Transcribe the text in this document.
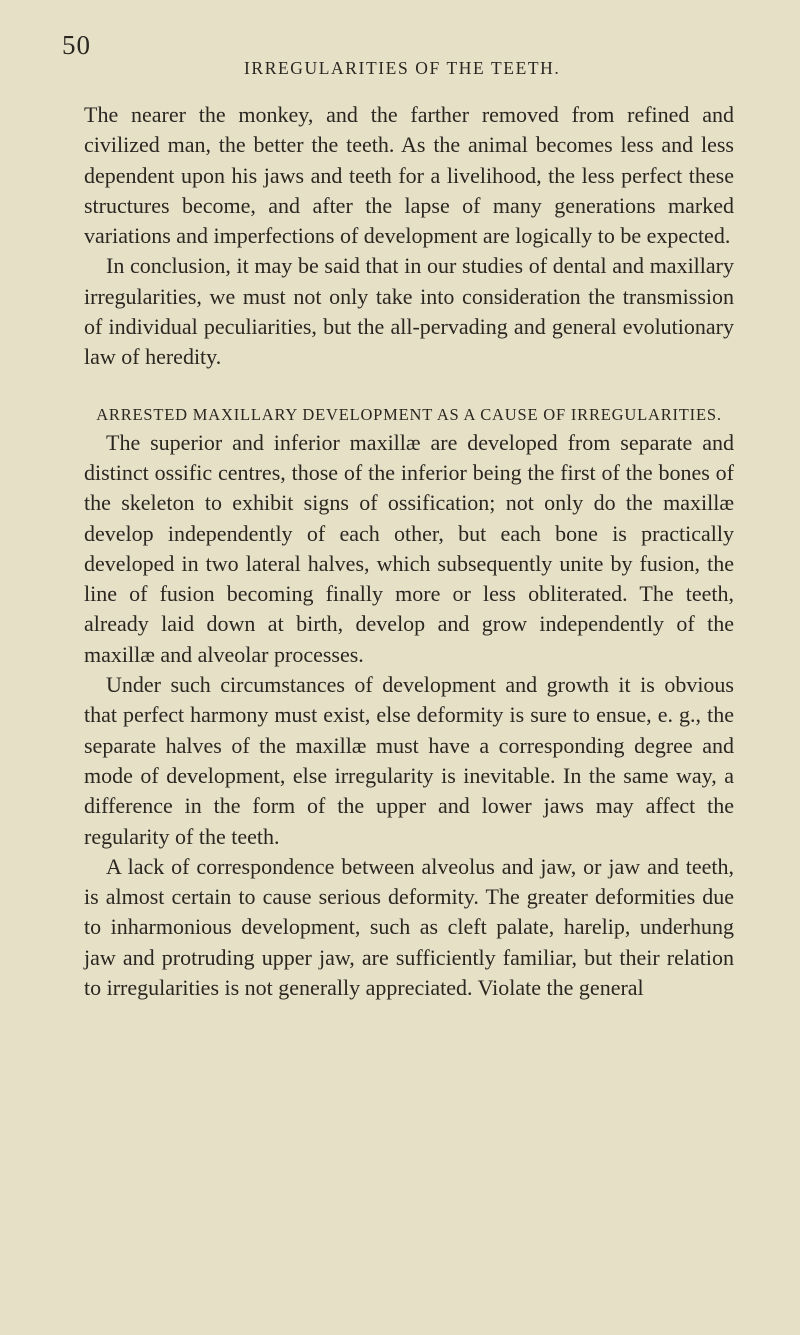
50
IRREGULARITIES OF THE TEETH.

The nearer the monkey, and the farther removed from refined and civilized man, the better the teeth. As the animal becomes less and less dependent upon his jaws and teeth for a livelihood, the less perfect these structures become, and after the lapse of many generations marked variations and imperfections of development are logically to be expected.

In conclusion, it may be said that in our studies of dental and maxillary irregularities, we must not only take into consideration the transmission of individual peculiarities, but the all-pervading and general evolutionary law of heredity.

ARRESTED MAXILLARY DEVELOPMENT AS A CAUSE OF IRREGULARITIES.

The superior and inferior maxillæ are developed from separate and distinct ossific centres, those of the inferior being the first of the bones of the skeleton to exhibit signs of ossification; not only do the maxillæ develop independently of each other, but each bone is practically developed in two lateral halves, which subsequently unite by fusion, the line of fusion becoming finally more or less obliterated. The teeth, already laid down at birth, develop and grow independently of the maxillæ and alveolar processes.

Under such circumstances of development and growth it is obvious that perfect harmony must exist, else deformity is sure to ensue, e. g., the separate halves of the maxillæ must have a corresponding degree and mode of development, else irregularity is inevitable. In the same way, a difference in the form of the upper and lower jaws may affect the regularity of the teeth.

A lack of correspondence between alveolus and jaw, or jaw and teeth, is almost certain to cause serious deformity. The greater deformities due to inharmonious development, such as cleft palate, harelip, underhung jaw and protruding upper jaw, are sufficiently familiar, but their relation to irregularities is not generally appreciated. Violate the general
